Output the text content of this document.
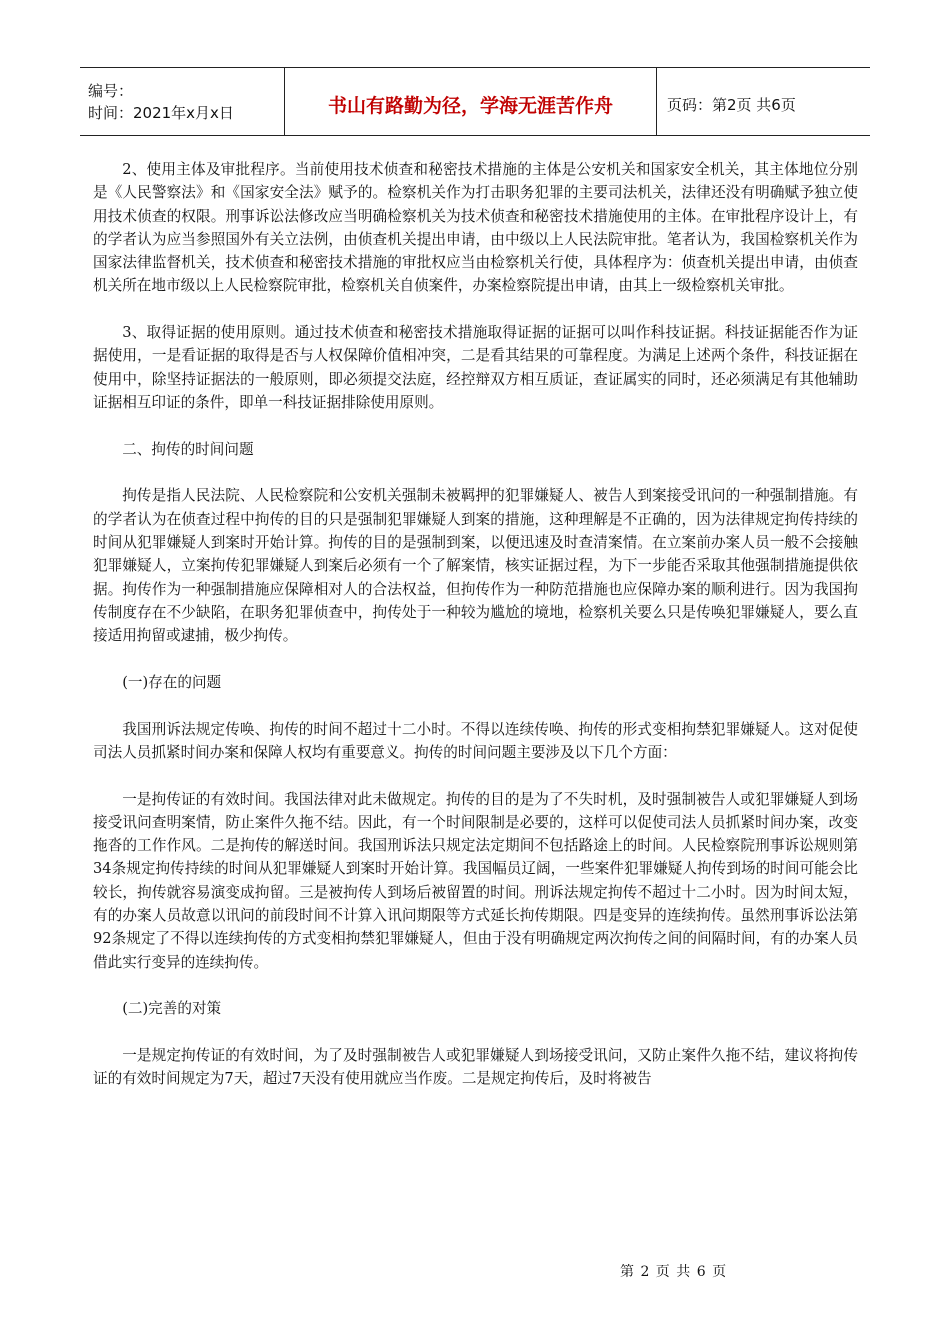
编号：
时间：2021年x月x日	书山有路勤为径，学海无涯苦作舟	页码：第2页 共6页

2、使用主体及审批程序。当前使用技术侦查和秘密技术措施的主体是公安机关和国家安全机关，其主体地位分别是《人民警察法》和《国家安全法》赋予的。检察机关作为打击职务犯罪的主要司法机关，法律还没有明确赋予独立使用技术侦查的权限。刑事诉讼法修改应当明确检察机关为技术侦查和秘密技术措施使用的主体。在审批程序设计上，有的学者认为应当参照国外有关立法例，由侦查机关提出申请，由中级以上人民法院审批。笔者认为，我国检察机关作为国家法律监督机关，技术侦查和秘密技术措施的审批权应当由检察机关行使，具体程序为：侦查机关提出申请，由侦查机关所在地市级以上人民检察院审批，检察机关自侦案件，办案检察院提出申请，由其上一级检察机关审批。

3、取得证据的使用原则。通过技术侦查和秘密技术措施取得证据的证据可以叫作科技证据。科技证据能否作为证据使用，一是看证据的取得是否与人权保障价值相冲突，二是看其结果的可靠程度。为满足上述两个条件，科技证据在使用中，除坚持证据法的一般原则，即必须提交法庭，经控辩双方相互质证，查证属实的同时，还必须满足有其他辅助证据相互印证的条件，即单一科技证据排除使用原则。

二、拘传的时间问题

拘传是指人民法院、人民检察院和公安机关强制未被羁押的犯罪嫌疑人、被告人到案接受讯问的一种强制措施。有的学者认为在侦查过程中拘传的目的只是强制犯罪嫌疑人到案的措施，这种理解是不正确的，因为法律规定拘传持续的时间从犯罪嫌疑人到案时开始计算。拘传的目的是强制到案，以便迅速及时查清案情。在立案前办案人员一般不会接触犯罪嫌疑人，立案拘传犯罪嫌疑人到案后必须有一个了解案情，核实证据过程，为下一步能否采取其他强制措施提供依据。拘传作为一种强制措施应保障相对人的合法权益，但拘传作为一种防范措施也应保障办案的顺利进行。因为我国拘传制度存在不少缺陷，在职务犯罪侦查中，拘传处于一种较为尴尬的境地，检察机关要么只是传唤犯罪嫌疑人，要么直接适用拘留或逮捕，极少拘传。

(一)存在的问题

我国刑诉法规定传唤、拘传的时间不超过十二小时。不得以连续传唤、拘传的形式变相拘禁犯罪嫌疑人。这对促使司法人员抓紧时间办案和保障人权均有重要意义。拘传的时间问题主要涉及以下几个方面：

一是拘传证的有效时间。我国法律对此未做规定。拘传的目的是为了不失时机，及时强制被告人或犯罪嫌疑人到场接受讯问查明案情，防止案件久拖不结。因此，有一个时间限制是必要的，这样可以促使司法人员抓紧时间办案，改变拖沓的工作作风。二是拘传的解送时间。我国刑诉法只规定法定期间不包括路途上的时间。人民检察院刑事诉讼规则第34条规定拘传持续的时间从犯罪嫌疑人到案时开始计算。我国幅员辽阔，一些案件犯罪嫌疑人拘传到场的时间可能会比较长，拘传就容易演变成拘留。三是被拘传人到场后被留置的时间。刑诉法规定拘传不超过十二小时。因为时间太短，有的办案人员故意以讯问的前段时间不计算入讯问期限等方式延长拘传期限。四是变异的连续拘传。虽然刑事诉讼法第92条规定了不得以连续拘传的方式变相拘禁犯罪嫌疑人，但由于没有明确规定两次拘传之间的间隔时间，有的办案人员借此实行变异的连续拘传。

(二)完善的对策

一是规定拘传证的有效时间，为了及时强制被告人或犯罪嫌疑人到场接受讯问，又防止案件久拖不结，建议将拘传证的有效时间规定为7天，超过7天没有使用就应当作废。二是规定拘传后，及时将被告

第 2 页 共 6 页
